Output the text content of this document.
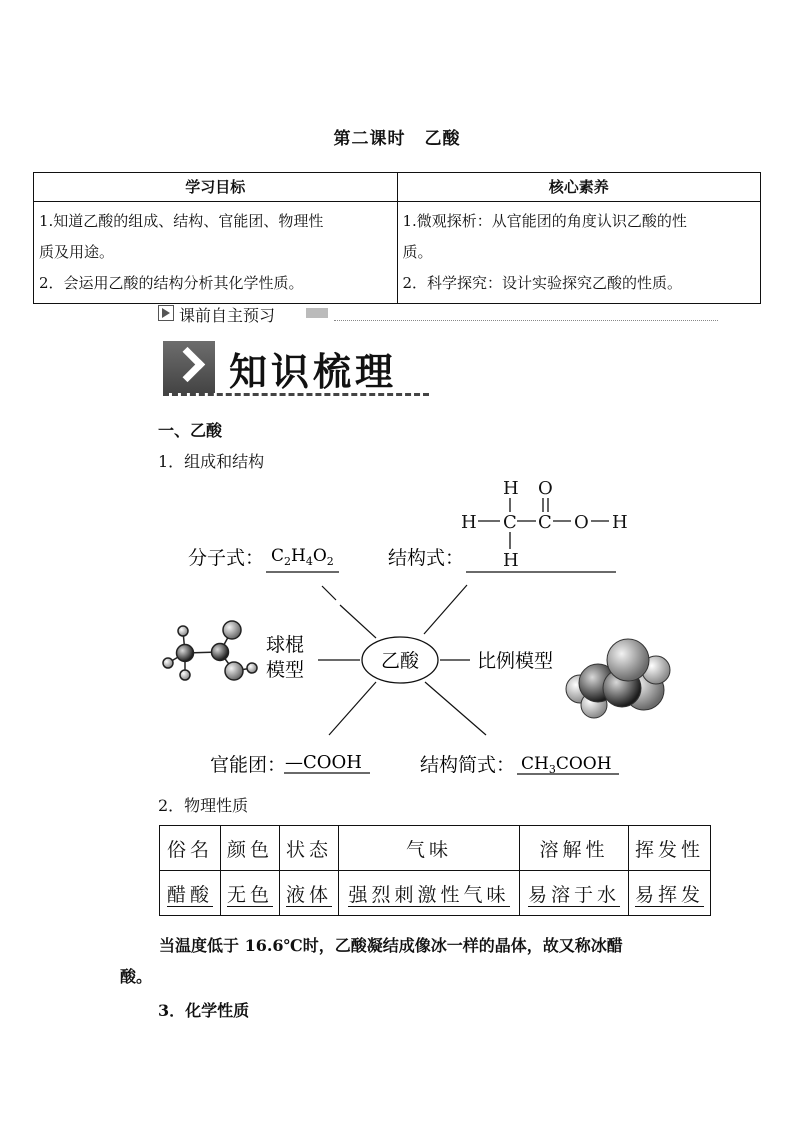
第二课时 乙酸
学习目标	核心素养

1.知道乙酸的组成、结构、官能团、物理性
质及用途。
2．会运用乙酸的结构分析其化学性质。	1.微观探析：从官能团的角度认识乙酸的性
质。
2．科学探究：设计实验探究乙酸的性质。
课前自主预习
知识梳理
一、乙酸
1．组成和结构
H O
H C C O H
H
分子式： $C_2H_4O_2$	结构式：
乙酸
球棍
模型	比例模型
官能团：
—COOH	结构简式： $CH_3COOH$
2．物理性质
俗名	颜色	状态	气味	溶解性	挥发性
醋酸	无色	液体	强烈刺激性气味	易溶于水	易挥发
当温度低于 16.6℃时，乙酸凝结成像冰一样的晶体，故又称冰醋
酸。
3．化学性质
